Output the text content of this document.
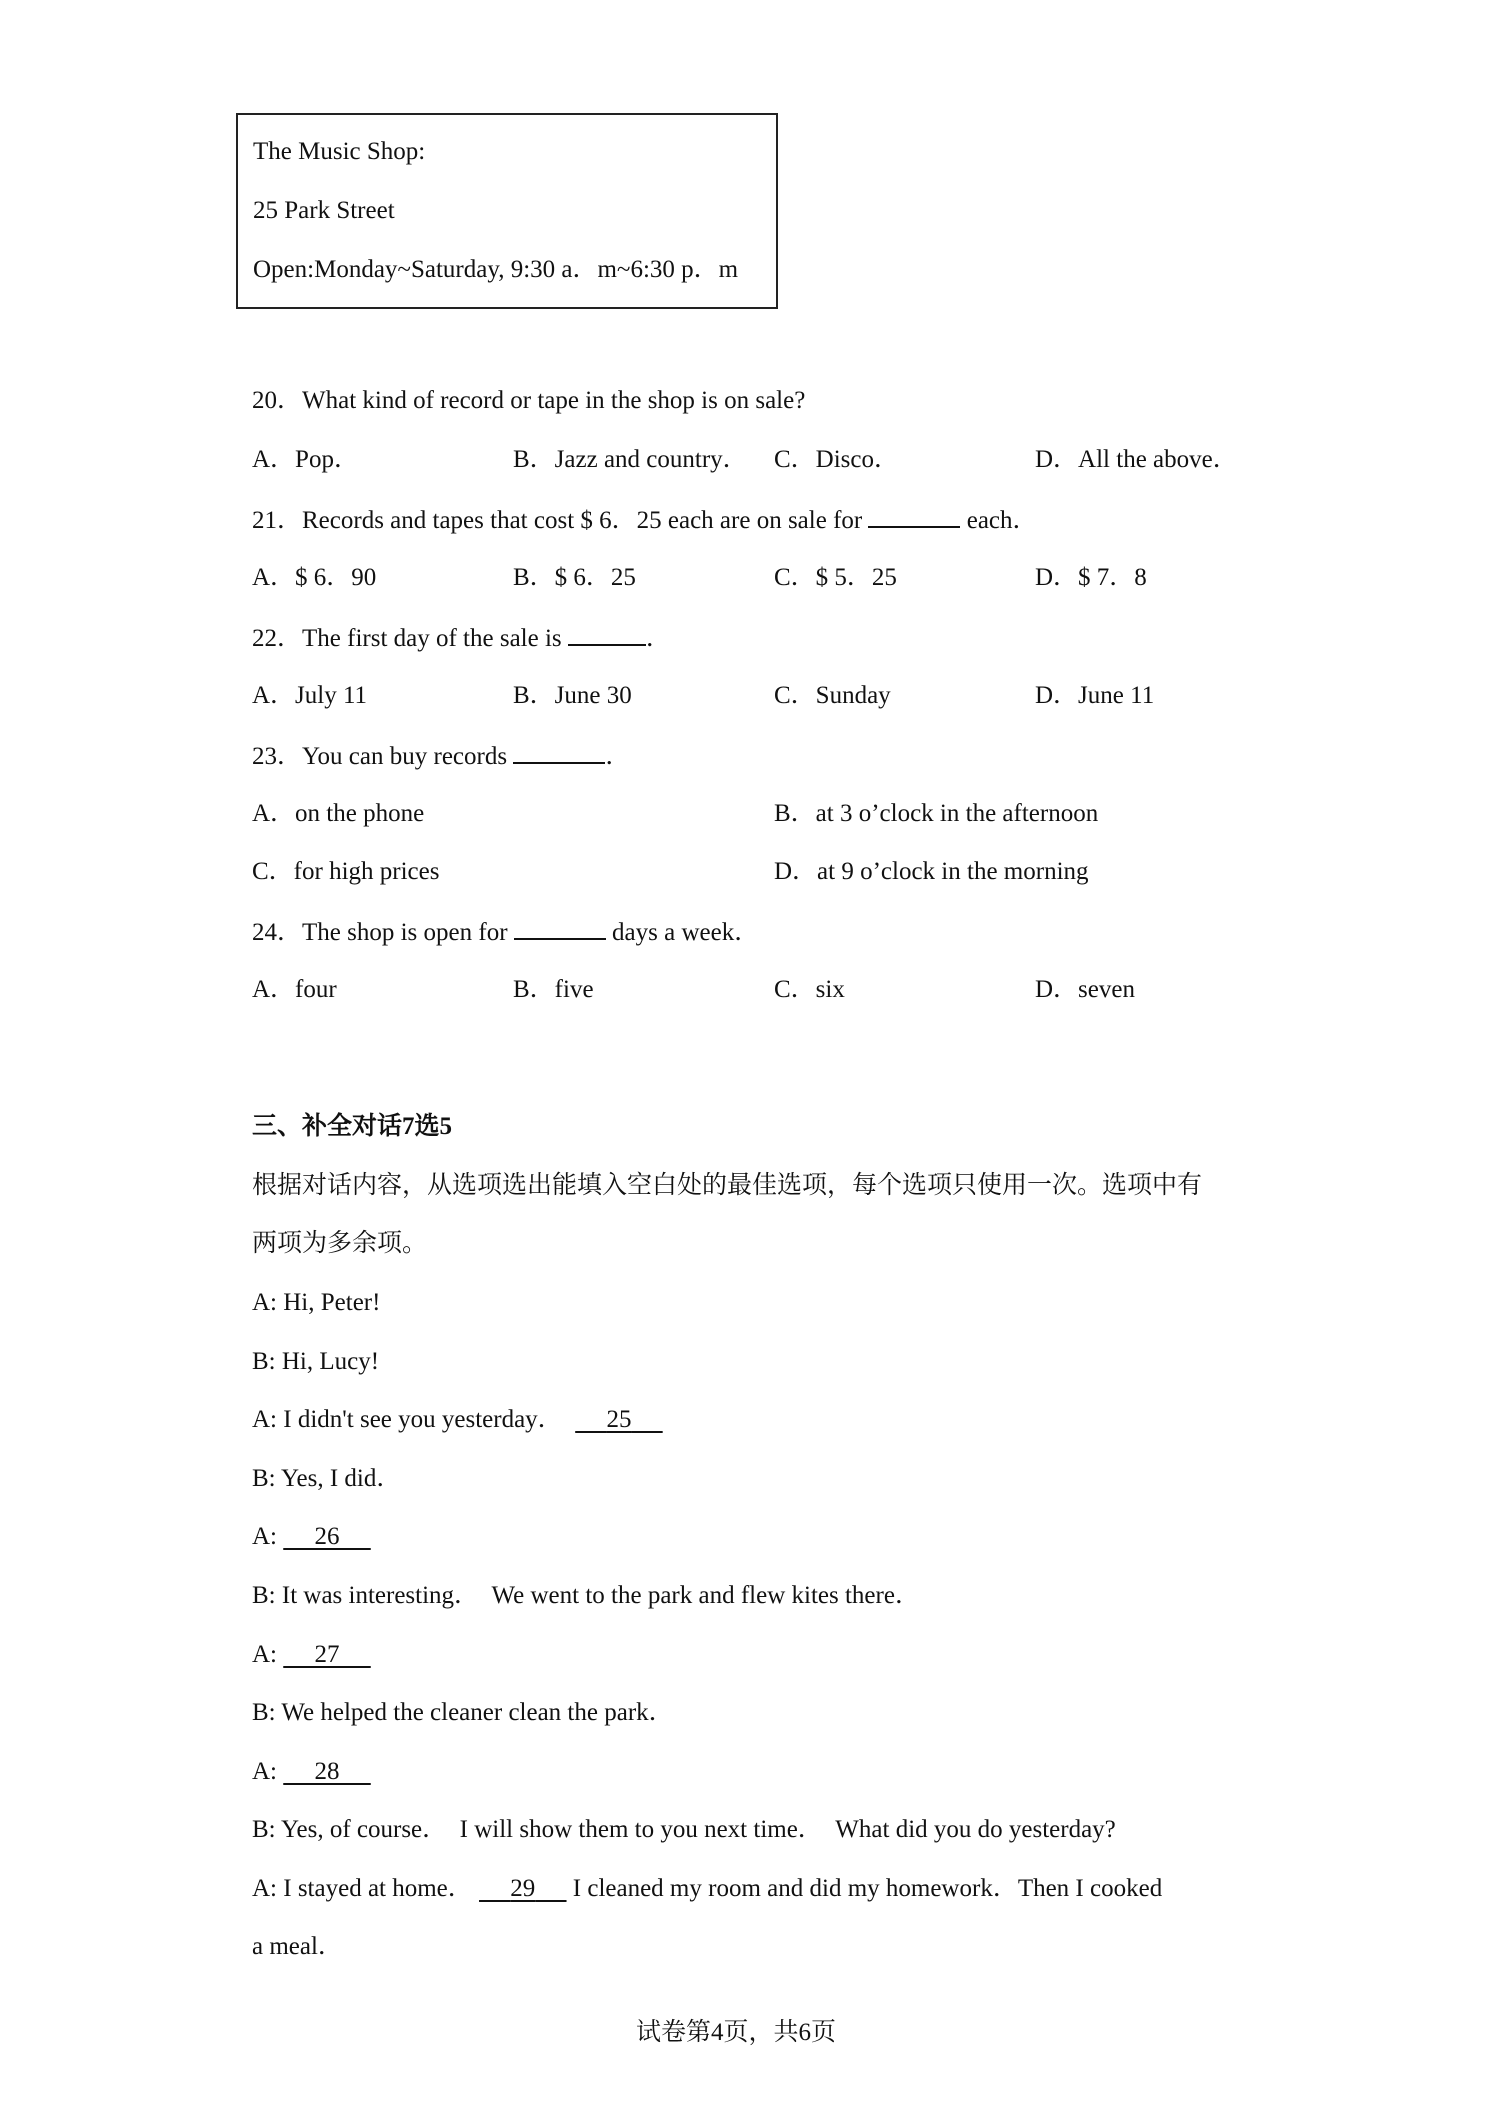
The Music Shop:
25 Park Street
Open:Monday~Saturday, 9:30 a．m~6:30 p．m
20．What kind of record or tape in the shop is on sale?
A．Pop．	B．Jazz and country． C．Disco．	D．All the above．
21．Records and tapes that cost $ 6．25 each are on sale for	each．
A．$ 6．90	B．$ 6．25	C．$ 5．25	D．$ 7．8
22．The first day of the sale is	．
A．July 11	B．June 30	C．Sunday	D．June 11
23．You can buy records	．
A．on the phone	B．at 3 o’clock in the afternoon
C．for high prices	D．at 9 o’clock in the morning
24．The shop is open for	days a week．
A．four	B．five	C．six	D．seven
三、补全对话7选5
根据对话内容，从选项选出能填入空白处的最佳选项，每个选项只使用一次。选项中有
两项为多余项。
A: Hi, Peter!
B: Hi, Lucy!
A: I didn't see you yesterday．　     25
B: Yes, I did．
A: 26
B: It was interesting．　We went to the park and flew kites there．
A: 27
B: We helped the cleaner clean the park．
A: 28
B: Yes, of course．　I will show them to you next time．　What did you do yesterday?
A: I stayed at home． 29      I cleaned my room and did my homework．Then I cooked
a meal．
试卷第4页，共6页
